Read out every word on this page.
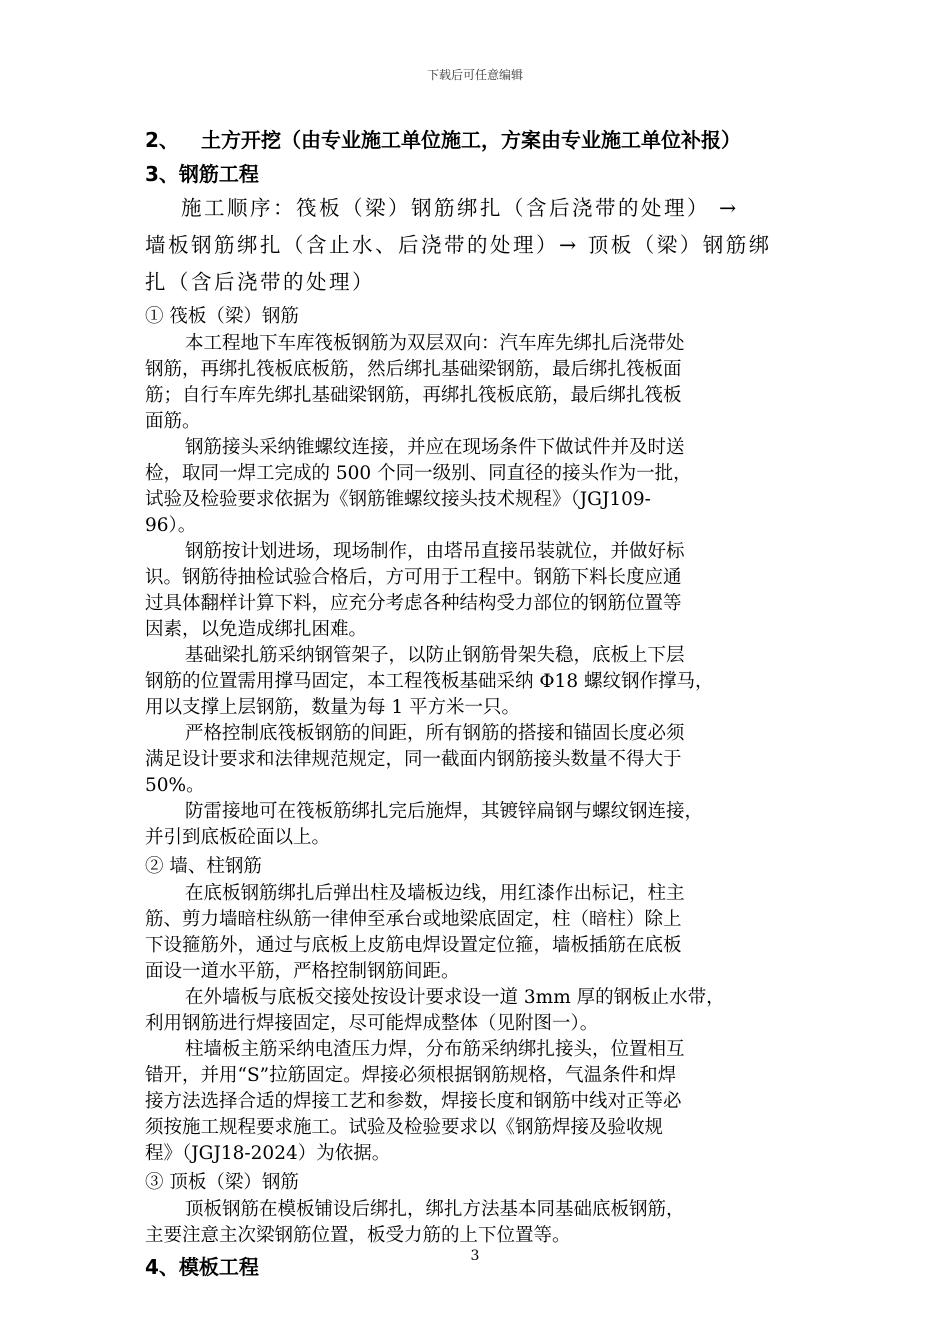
下载后可任意编辑
2、 土方开挖（由专业施工单位施工，方案由专业施工单位补报）
3、钢筋工程
施工顺序：筏板（梁）钢筋绑扎（含后浇带的处理） →
墙板钢筋绑扎（含止水、后浇带的处理）→ 顶板（梁）钢筋绑
扎（含后浇带的处理）
① 筏板（梁）钢筋
本工程地下车库筏板钢筋为双层双向：汽车库先绑扎后浇带处
钢筋，再绑扎筏板底板筋，然后绑扎基础梁钢筋，最后绑扎筏板面
筋；自行车库先绑扎基础梁钢筋，再绑扎筏板底筋，最后绑扎筏板
面筋。
钢筋接头采纳锥螺纹连接，并应在现场条件下做试件并及时送
检，取同一焊工完成的 500 个同一级别、同直径的接头作为一批，
试验及检验要求依据为《钢筋锥螺纹接头技术规程》（JGJ109-
96）。
钢筋按计划进场，现场制作，由塔吊直接吊装就位，并做好标
识。钢筋待抽检试验合格后，方可用于工程中。钢筋下料长度应通
过具体翻样计算下料，应充分考虑各种结构受力部位的钢筋位置等
因素，以免造成绑扎困难。
基础梁扎筋采纳钢管架子，以防止钢筋骨架失稳，底板上下层
钢筋的位置需用撑马固定，本工程筏板基础采纳 Φ18 螺纹钢作撑马，
用以支撑上层钢筋，数量为每 1 平方米一只。
严格控制底筏板钢筋的间距，所有钢筋的搭接和锚固长度必须
满足设计要求和法律规范规定，同一截面内钢筋接头数量不得大于
50%。
防雷接地可在筏板筋绑扎完后施焊，其镀锌扁钢与螺纹钢连接，
并引到底板砼面以上。
② 墙、柱钢筋
在底板钢筋绑扎后弹出柱及墙板边线，用红漆作出标记，柱主
筋、剪力墙暗柱纵筋一律伸至承台或地梁底固定，柱（暗柱）除上
下设箍筋外，通过与底板上皮筋电焊设置定位箍，墙板插筋在底板
面设一道水平筋，严格控制钢筋间距。
在外墙板与底板交接处按设计要求设一道 3mm 厚的钢板止水带，
利用钢筋进行焊接固定，尽可能焊成整体（见附图一）。
柱墙板主筋采纳电渣压力焊，分布筋采纳绑扎接头，位置相互
错开，并用“S”拉筋固定。焊接必须根据钢筋规格，气温条件和焊
接方法选择合适的焊接工艺和参数，焊接长度和钢筋中线对正等必
须按施工规程要求施工。试验及检验要求以《钢筋焊接及验收规
程》（JGJ18-2024）为依据。
③ 顶板（梁）钢筋
顶板钢筋在模板铺设后绑扎，绑扎方法基本同基础底板钢筋，
主要注意主次梁钢筋位置，板受力筋的上下位置等。
4、模板工程	3
